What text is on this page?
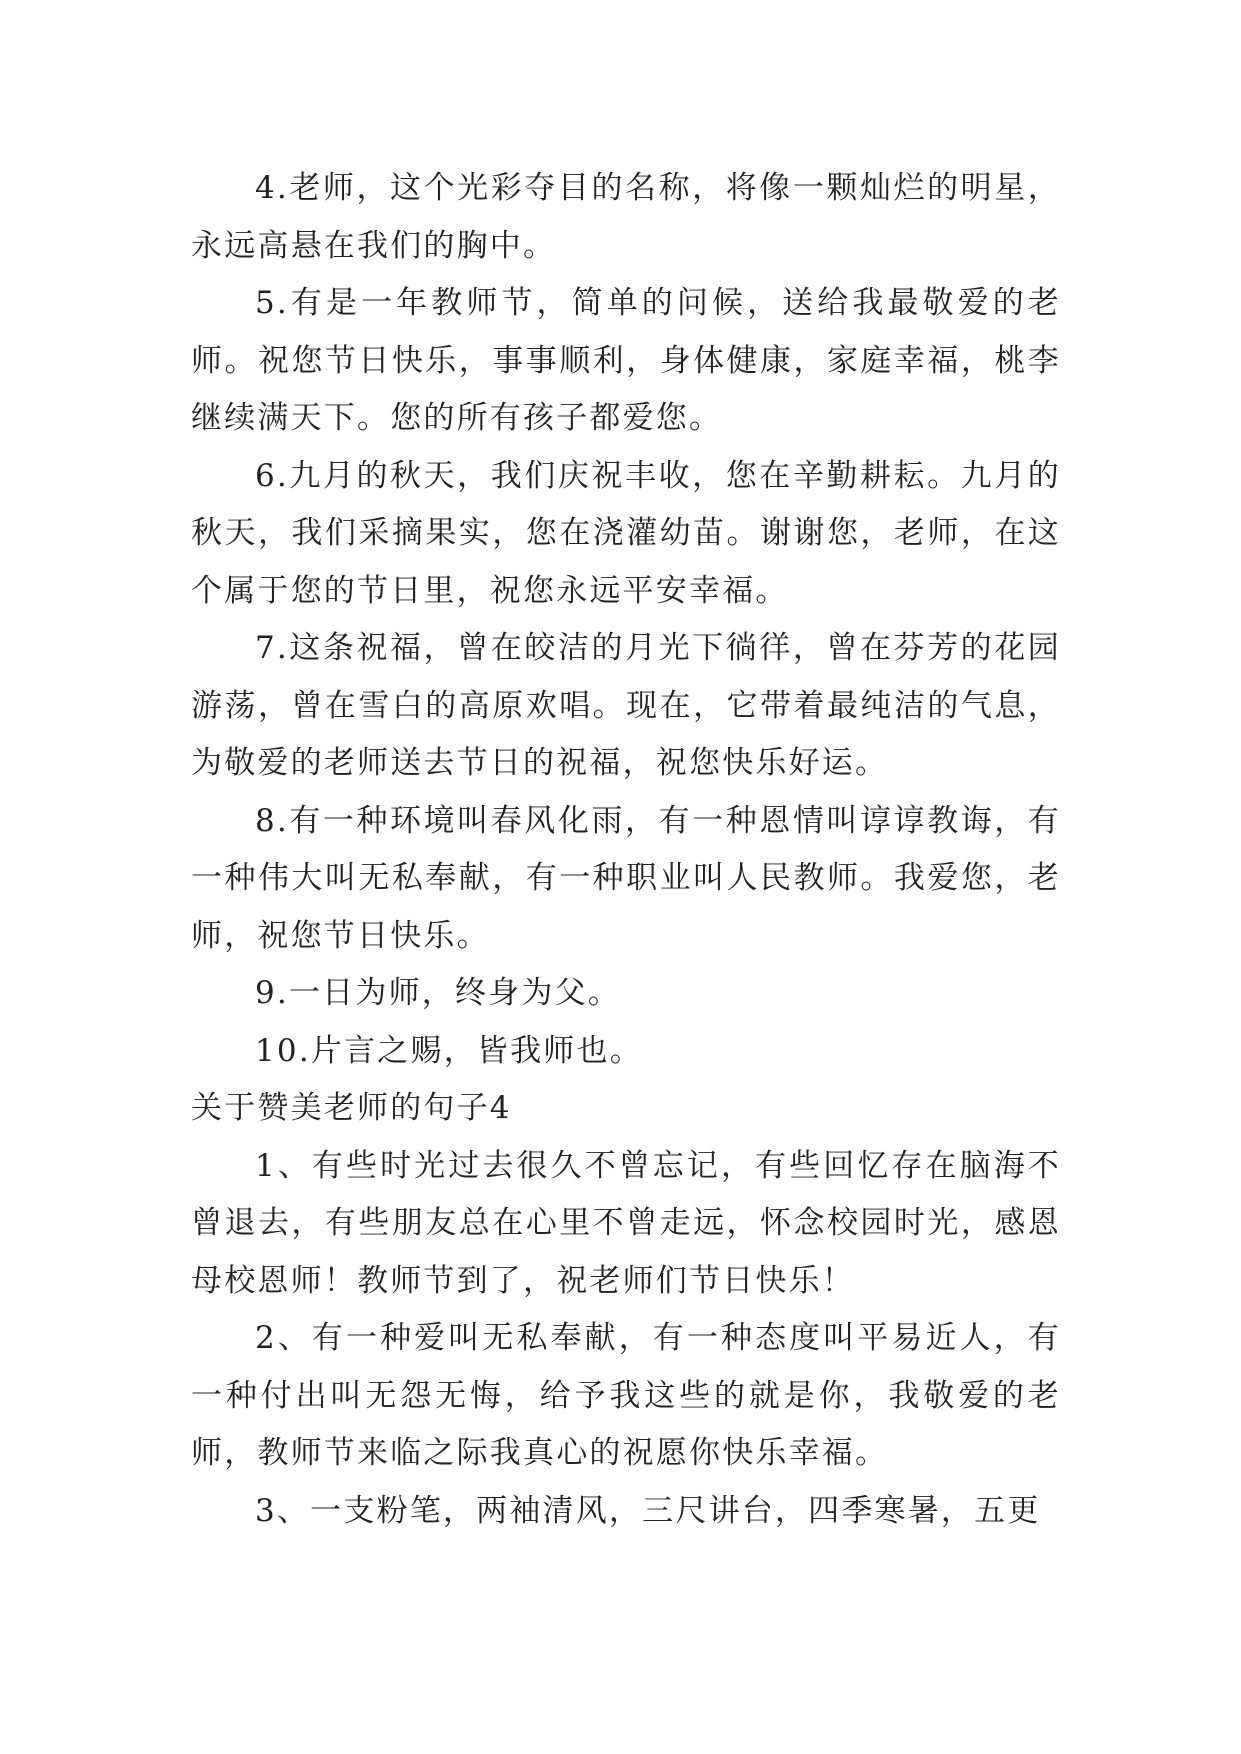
4.老师，这个光彩夺目的名称，将像一颗灿烂的明星，永远高悬在我们的胸中。

5.有是一年教师节，简单的问候，送给我最敬爱的老师。祝您节日快乐，事事顺利，身体健康，家庭幸福，桃李继续满天下。您的所有孩子都爱您。

6.九月的秋天，我们庆祝丰收，您在辛勤耕耘。九月的秋天，我们采摘果实，您在浇灌幼苗。谢谢您，老师，在这个属于您的节日里，祝您永远平安幸福。

7.这条祝福，曾在皎洁的月光下徜徉，曾在芬芳的花园游荡，曾在雪白的高原欢唱。现在，它带着最纯洁的气息，为敬爱的老师送去节日的祝福，祝您快乐好运。

8.有一种环境叫春风化雨，有一种恩情叫谆谆教诲，有一种伟大叫无私奉献，有一种职业叫人民教师。我爱您，老师，祝您节日快乐。

9.一日为师，终身为父。

10.片言之赐，皆我师也。

关于赞美老师的句子4

1、有些时光过去很久不曾忘记，有些回忆存在脑海不曾退去，有些朋友总在心里不曾走远，怀念校园时光，感恩母校恩师！教师节到了，祝老师们节日快乐！

2、有一种爱叫无私奉献，有一种态度叫平易近人，有一种付出叫无怨无悔，给予我这些的就是你，我敬爱的老师，教师节来临之际我真心的祝愿你快乐幸福。

3、一支粉笔，两袖清风，三尺讲台，四季寒暑，五更
